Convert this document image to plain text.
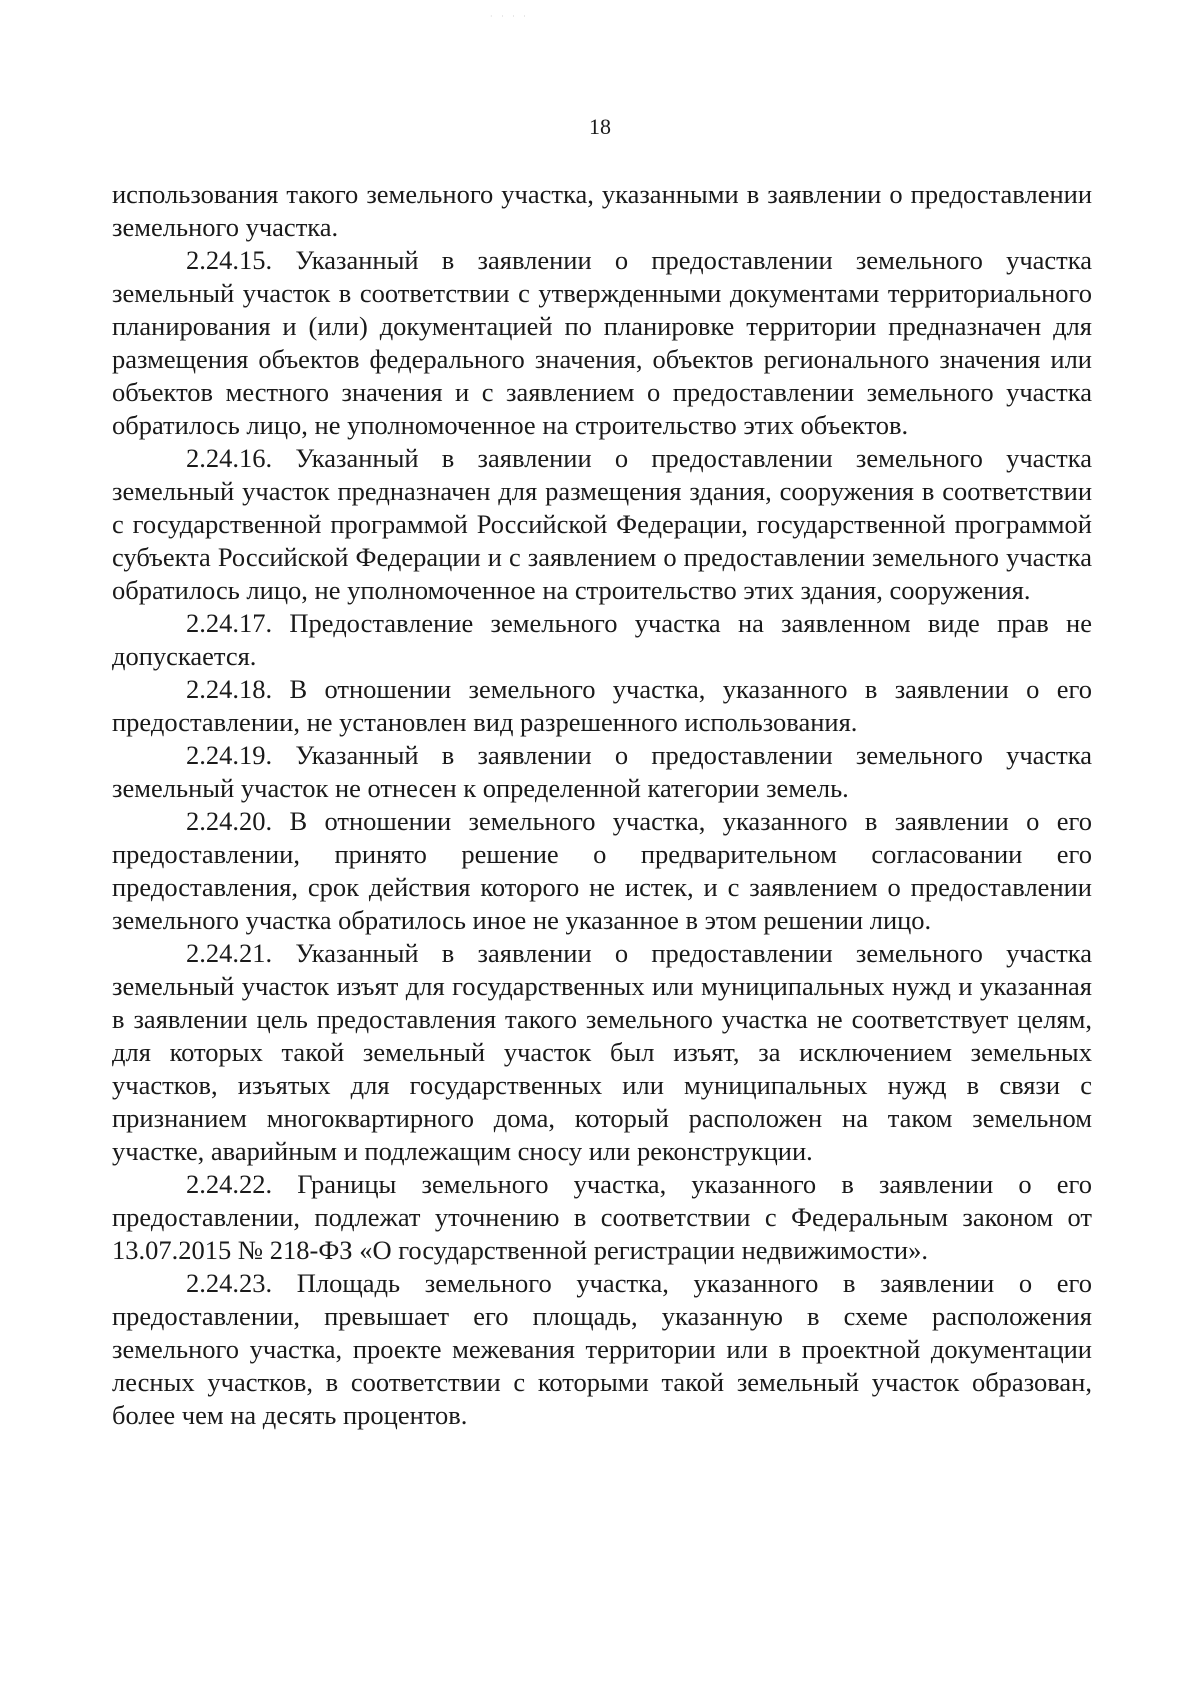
· · · ·
18

использования такого земельного участка, указанными в заявлении о предоставлении земельного участка.

2.24.15. Указанный в заявлении о предоставлении земельного участка земельный участок в соответствии с утвержденными документами территориального планирования и (или) документацией по планировке территории предназначен для размещения объектов федерального значения, объектов регионального значения или объектов местного значения и с заявлением о предоставлении земельного участка обратилось лицо, не уполномоченное на строительство этих объектов.

2.24.16. Указанный в заявлении о предоставлении земельного участка земельный участок предназначен для размещения здания, сооружения в соответствии с государственной программой Российской Федерации, государственной программой субъекта Российской Федерации и с заявлением о предоставлении земельного участка обратилось лицо, не уполномоченное на строительство этих здания, сооружения.

2.24.17. Предоставление земельного участка на заявленном виде прав не допускается.

2.24.18. В отношении земельного участка, указанного в заявлении о его предоставлении, не установлен вид разрешенного использования.

2.24.19. Указанный в заявлении о предоставлении земельного участка земельный участок не отнесен к определенной категории земель.

2.24.20. В отношении земельного участка, указанного в заявлении о его предоставлении, принято решение о предварительном согласовании его предоставления, срок действия которого не истек, и с заявлением о предоставлении земельного участка обратилось иное не указанное в этом решении лицо.

2.24.21. Указанный в заявлении о предоставлении земельного участка земельный участок изъят для государственных или муниципальных нужд и указанная в заявлении цель предоставления такого земельного участка не соответствует целям, для которых такой земельный участок был изъят, за исключением земельных участков, изъятых для государственных или муниципальных нужд в связи с признанием многоквартирного дома, который расположен на таком земельном участке, аварийным и подлежащим сносу или реконструкции.

2.24.22. Границы земельного участка, указанного в заявлении о его предоставлении, подлежат уточнению в соответствии с Федеральным законом от 13.07.2015 № 218-ФЗ «О государственной регистрации недвижимости».

2.24.23. Площадь земельного участка, указанного в заявлении о его предоставлении, превышает его площадь, указанную в схеме расположения земельного участка, проекте межевания территории или в проектной документации лесных участков, в соответствии с которыми такой земельный участок образован, более чем на десять процентов.
